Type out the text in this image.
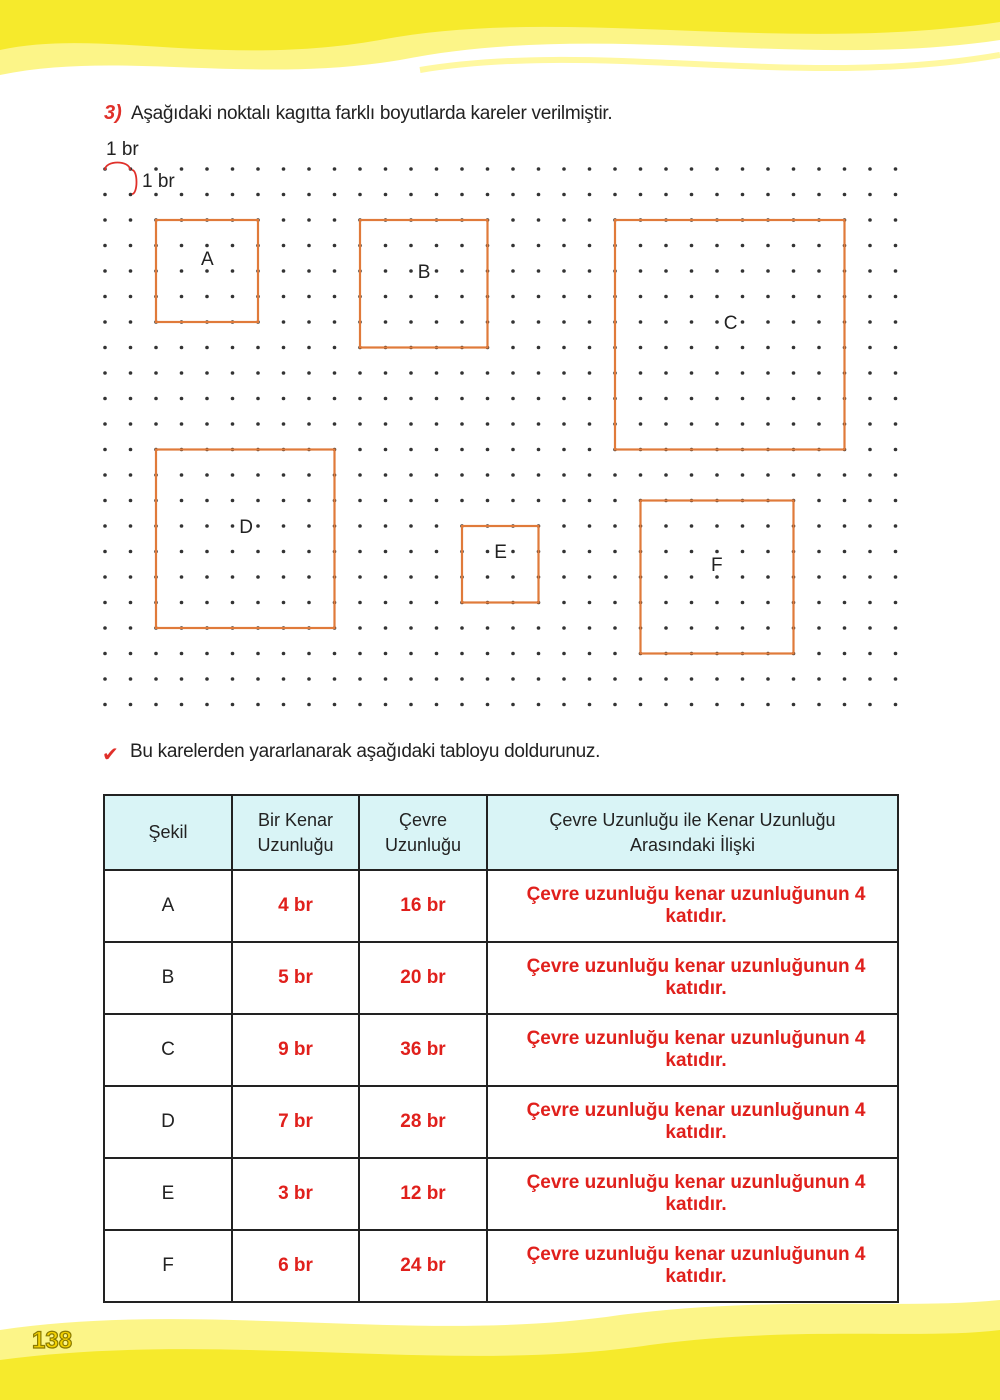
3) Aşağıdaki noktalı kagıtta farklı boyutlarda kareler verilmiştir.
1 br
1 br
A
B
C
D
E
F
✔ Bu karelerden yararlanarak aşağıdaki tabloyu doldurunuz.
Şekil	Bir Kenar Uzunluğu	Çevre Uzunluğu	Çevre Uzunluğu ile Kenar Uzunluğu Arasındaki İlişki
A	4 br	16 br	Çevre uzunluğu kenar uzunluğunun 4 katıdır.
B	5 br	20 br	Çevre uzunluğu kenar uzunluğunun 4 katıdır.
C	9 br	36 br	Çevre uzunluğu kenar uzunluğunun 4 katıdır.
D	7 br	28 br	Çevre uzunluğu kenar uzunluğunun 4 katıdır.
E	3 br	12 br	Çevre uzunluğu kenar uzunluğunun 4 katıdır.
F	6 br	24 br	Çevre uzunluğu kenar uzunluğunun 4 katıdır.
138
